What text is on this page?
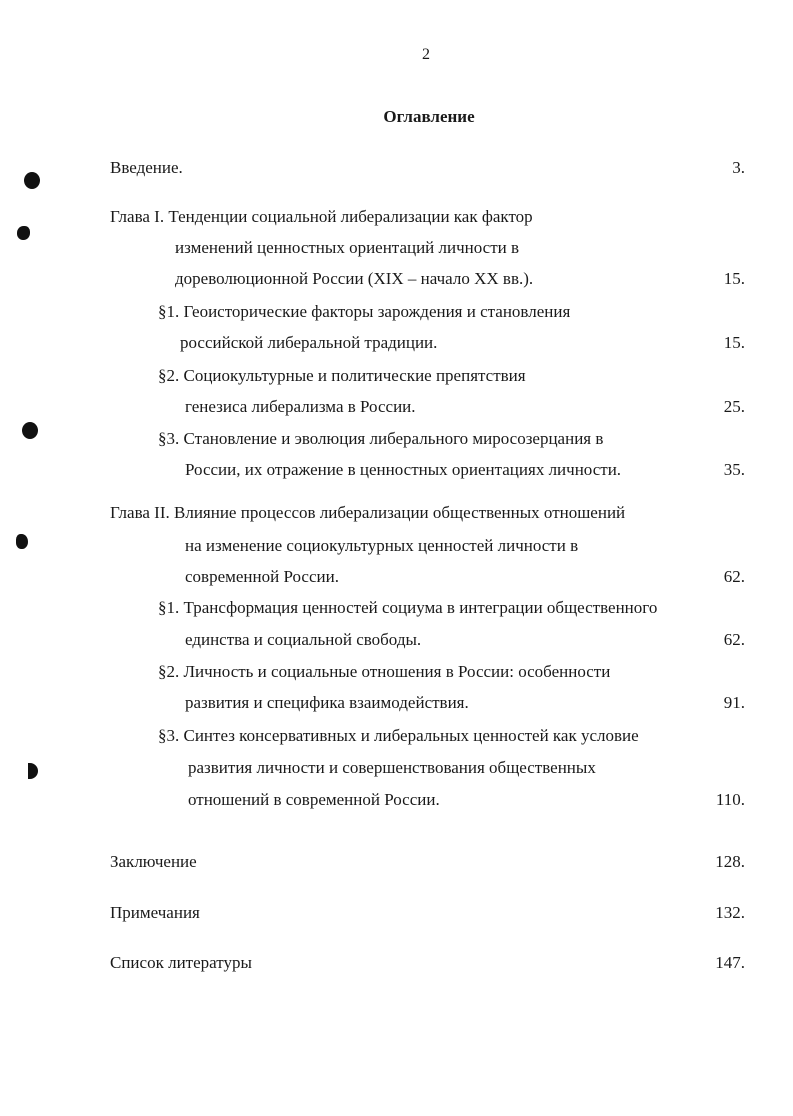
2
Оглавление
Введение.	3.
Глава I. Тенденции социальной либерализации как фактор
изменений ценностных ориентаций личности в
дореволюционной России (XIX – начало XX вв.).	15.
§1. Геоисторические факторы зарождения и становления
российской либеральной традиции.	15.
§2. Социокультурные и политические препятствия
генезиса либерализма в России.	25.
§3. Становление и эволюция либерального миросозерцания в
России, их отражение в ценностных ориентациях личности.	35.
Глава II. Влияние процессов либерализации общественных отношений
на изменение социокультурных ценностей личности в
современной России.	62.
§1. Трансформация ценностей социума в интеграции общественного
единства и социальной свободы.	62.
§2. Личность и социальные отношения в России: особенности
развития и специфика взаимодействия.	91.
§3. Синтез консервативных и либеральных ценностей как условие
развития личности и совершенствования общественных
отношений в современной России.	110.
Заключение	128.
Примечания	132.
Список литературы	147.
